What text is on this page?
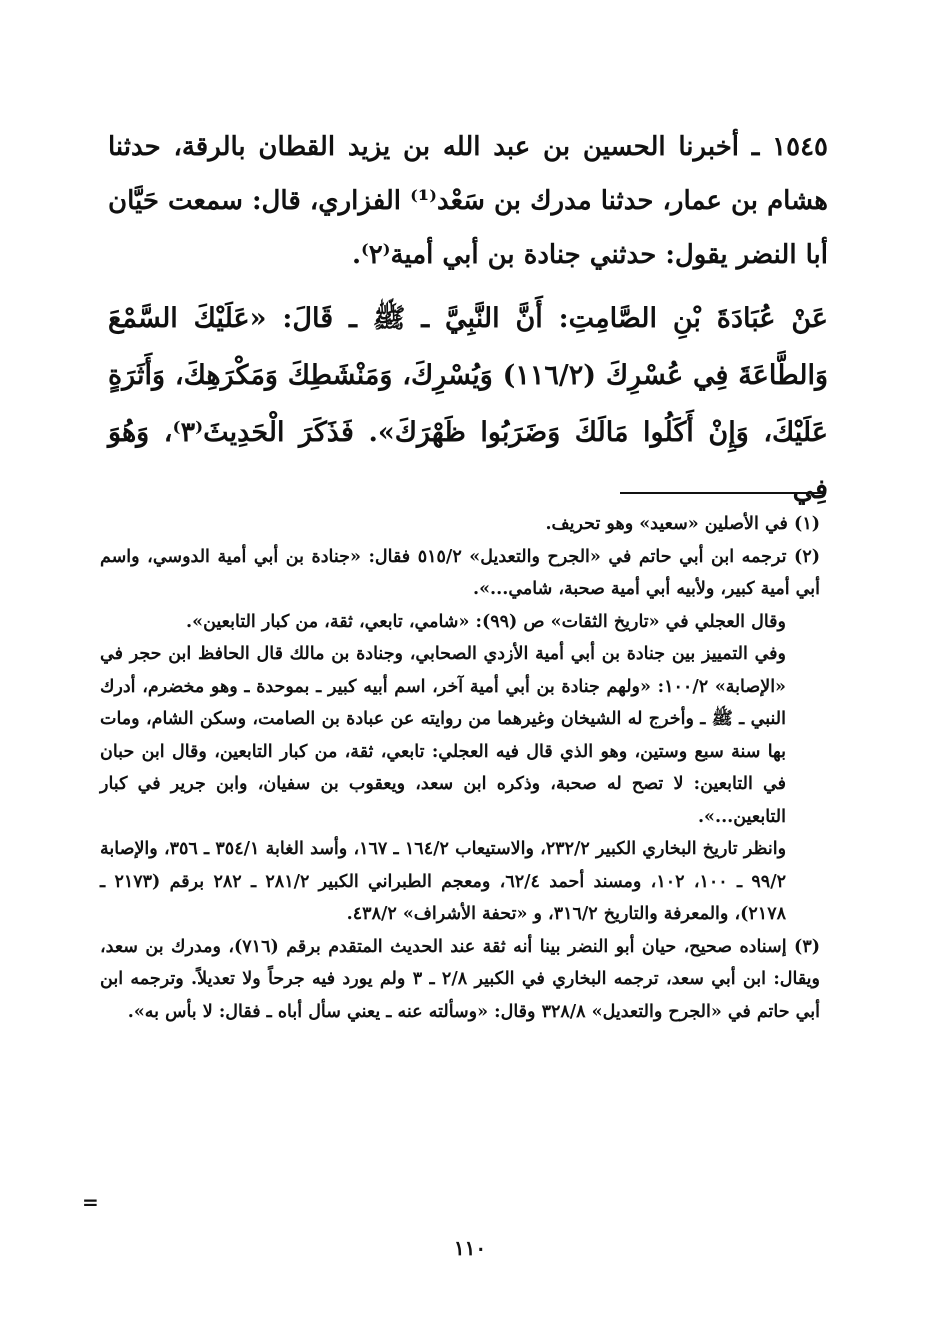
١٥٤٥ ـ أخبرنا الحسين بن عبد الله بن يزيد القطان بالرقة، حدثنا هشام بن عمار، حدثنا مدرك بن سَعْد⁽¹⁾ الفزاري، قال: سمعت حَيَّان أبا النضر يقول: حدثني جنادة بن أبي أمية⁽٢⁾.

عَنْ عُبَادَةَ بْنِ الصَّامِتِ: أَنَّ النَّبِيَّ ـ ﷺ ـ قَالَ: «عَلَيْكَ السَّمْعَ وَالطَّاعَةَ فِي عُسْرِكَ (١١٦/٢) وَيُسْرِكَ، وَمَنْشَطِكَ وَمَكْرَهِكَ، وَأَثَرَةٍ عَلَيْكَ، وَإِنْ أَكَلُوا مَالَكَ وَضَرَبُوا ظَهْرَكَ». فَذَكَرَ الْحَدِيثَ⁽٣⁾، وَهُوَ فِي

(١) في الأصلين «سعيد» وهو تحريف.

(٢) ترجمه ابن أبي حاتم في «الجرح والتعديل» ٥١٥/٢ فقال: «جنادة بن أبي أمية الدوسي، واسم أبي أمية كبير، ولأبيه أبي أمية صحبة، شامي...».

وقال العجلي في «تاريخ الثقات» ص (٩٩): «شامي، تابعي، ثقة، من كبار التابعين».

وفي التمييز بين جنادة بن أبي أمية الأزدي الصحابي، وجنادة بن مالك قال الحافظ ابن حجر في «الإصابة» ١٠٠/٢: «ولهم جنادة بن أبي أمية آخر، اسم أبيه كبير ـ بموحدة ـ وهو مخضرم، أدرك النبي ـ ﷺ ـ وأخرج له الشيخان وغيرهما من روايته عن عبادة بن الصامت، وسكن الشام، ومات بها سنة سبع وستين، وهو الذي قال فيه العجلي: تابعي، ثقة، من كبار التابعين، وقال ابن حبان في التابعين: لا تصح له صحبة، وذكره ابن سعد، ويعقوب بن سفيان، وابن جرير في كبار التابعين...».

وانظر تاريخ البخاري الكبير ٢٣٢/٢، والاستيعاب ١٦٤/٢ ـ ١٦٧، وأسد الغابة ٣٥٤/١ ـ ٣٥٦، والإصابة ٩٩/٢ ـ ١٠٠، ١٠٢، ومسند أحمد ٦٢/٤، ومعجم الطبراني الكبير ٢٨١/٢ ـ ٢٨٢ برقم (٢١٧٣ ـ ٢١٧٨)، والمعرفة والتاريخ ٣١٦/٢، و «تحفة الأشراف» ٤٣٨/٢.

(٣) إسناده صحيح، حيان أبو النضر بينا أنه ثقة عند الحديث المتقدم برقم (٧١٦)، ومدرك بن سعد، ويقال: ابن أبي سعد، ترجمه البخاري في الكبير ٢/٨ ـ ٣ ولم يورد فيه جرحاً ولا تعديلاً. وترجمه ابن أبي حاتم في «الجرح والتعديل» ٣٢٨/٨ وقال: «وسألته عنه ـ يعني سأل أباه ـ فقال: لا بأس به».

=
١١٠
